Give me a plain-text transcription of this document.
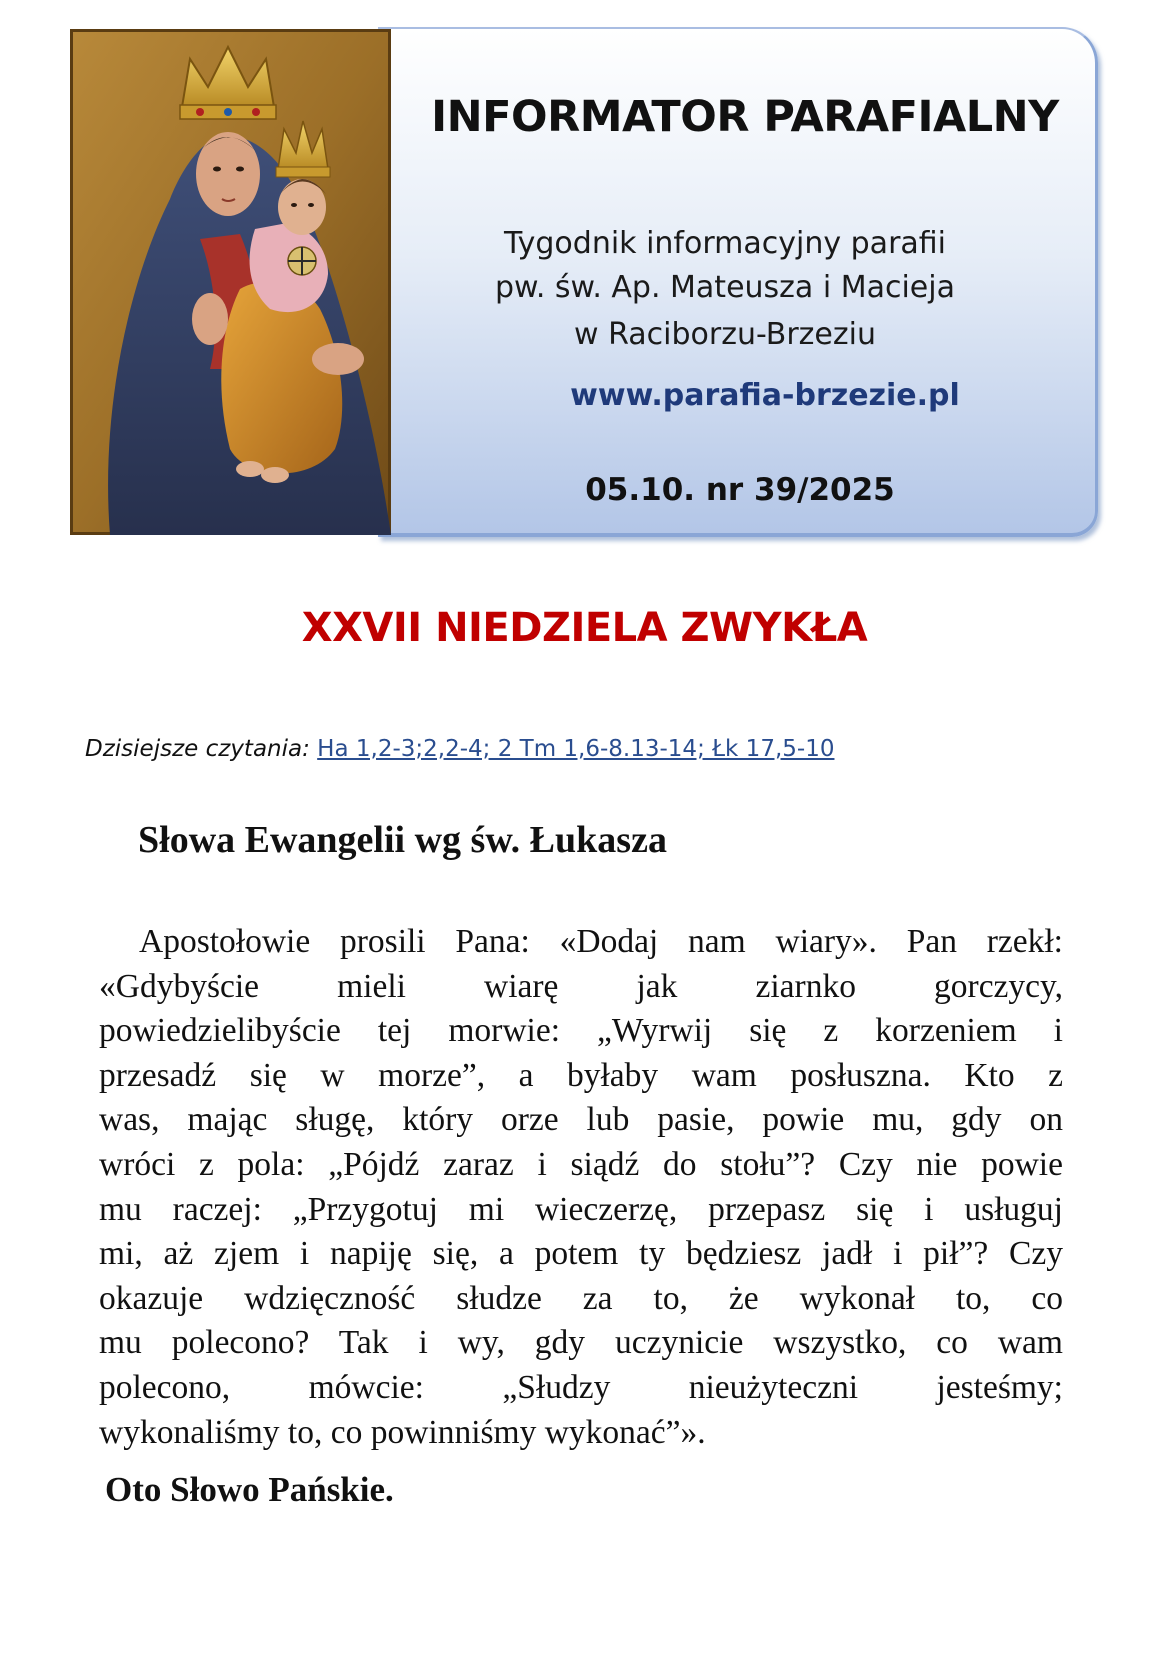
INFORMATOR PARAFIALNY
Tygodnik informacyjny parafii
pw. św. Ap. Mateusza i Macieja
w Raciborzu-Brzeziu
www.parafia-brzezie.pl
05.10. nr 39/2025
XXVII NIEDZIELA ZWYKŁA
Dzisiejsze czytania: Ha 1,2-3;2,2-4; 2 Tm 1,6-8.13-14; Łk 17,5-10
Słowa Ewangelii wg św. Łukasza
Apostołowie prosili Pana: «Dodaj nam wiary». Pan rzekł:
«Gdybyście mieli wiarę jak ziarnko gorczycy,
powiedzielibyście tej morwie: „Wyrwij się z korzeniem i
przesadź się w morze”, a byłaby wam posłuszna. Kto z
was, mając sługę, który orze lub pasie, powie mu, gdy on
wróci z pola: „Pójdź zaraz i siądź do stołu”? Czy nie powie
mu raczej: „Przygotuj mi wieczerzę, przepasz się i usługuj
mi, aż zjem i napiję się, a potem ty będziesz jadł i pił”? Czy
okazuje wdzięczność słudze za to, że wykonał to, co
mu polecono? Tak i wy, gdy uczynicie wszystko, co wam
polecono, mówcie: „Słudzy nieużyteczni jesteśmy;
wykonaliśmy to, co powinniśmy wykonać”».
Oto Słowo Pańskie.
